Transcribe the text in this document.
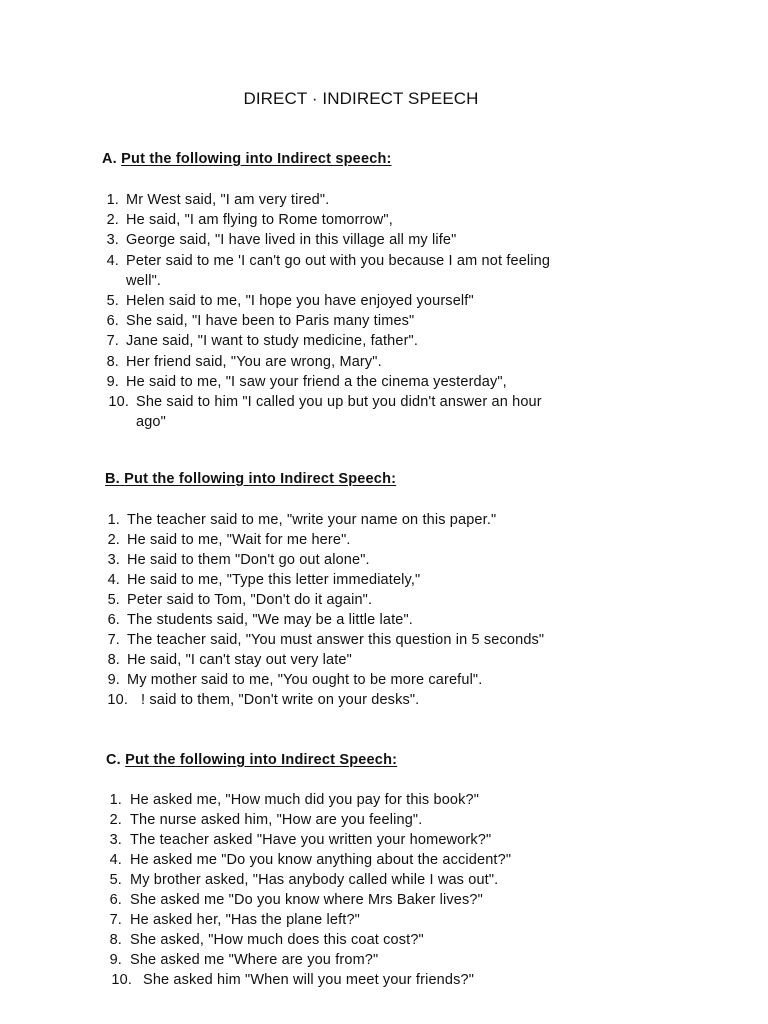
DIRECT · INDIRECT SPEECH
A. Put the following into Indirect speech:
1. Mr West said, "I am very tired".
2. He said, "I am flying to Rome tomorrow",
3. George said, "I have lived in this village all my life"
4. Peter said to me 'I can't go out with you because I am not feeling
well".
5. Helen said to me, "I hope you have enjoyed yourself"
6. She said, "I have been to Paris many times"
7. Jane said, "I want to study medicine, father".
8. Her friend said, "You are wrong, Mary".
9. He said to me, "I saw your friend a the cinema yesterday",
10. She said to him "I called you up but you didn't answer an hour
ago"
B. Put the following into Indirect Speech:
1. The teacher said to me, "write your name on this paper."
2. He said to me, "Wait for me here".
3. He said to them "Don't go out alone".
4. He said to me, "Type this letter immediately,"
5. Peter said to Tom, "Don't do it again".
6. The students said, "We may be a little late".
7. The teacher said, "You must answer this question in 5 seconds"
8. He said, "I can't stay out very late"
9. My mother said to me, "You ought to be more careful".
10. ! said to them, "Don't write on your desks".
C. Put the following into Indirect Speech:
1. He asked me, "How much did you pay for this book?"
2. The nurse asked him, "How are you feeling".
3. The teacher asked "Have you written your homework?"
4. He asked me "Do you know anything about the accident?"
5. My brother asked, "Has anybody called while I was out".
6. She asked me "Do you know where Mrs Baker lives?"
7. He asked her, "Has the plane left?"
8. She asked, "How much does this coat cost?"
9. She asked me "Where are you from?"
10. She asked him "When will you meet your friends?"
